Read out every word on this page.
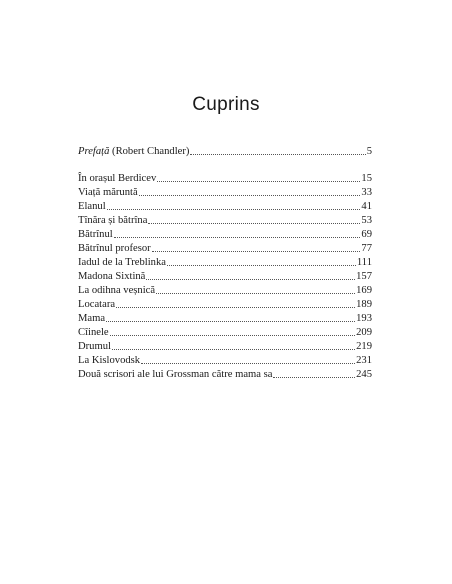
Cuprins
Prefață (Robert Chandler)	5
În orașul Berdicev	15
Viață măruntă	33
Elanul	41
Tînăra și bătrîna	53
Bătrînul	69
Bătrînul profesor	77
Iadul de la Treblinka	111
Madona Sixtină	157
La odihna veșnică	169
Locatara	189
Mama	193
Cîinele	209
Drumul	219
La Kislovodsk	231
Două scrisori ale lui Grossman către mama sa	245
